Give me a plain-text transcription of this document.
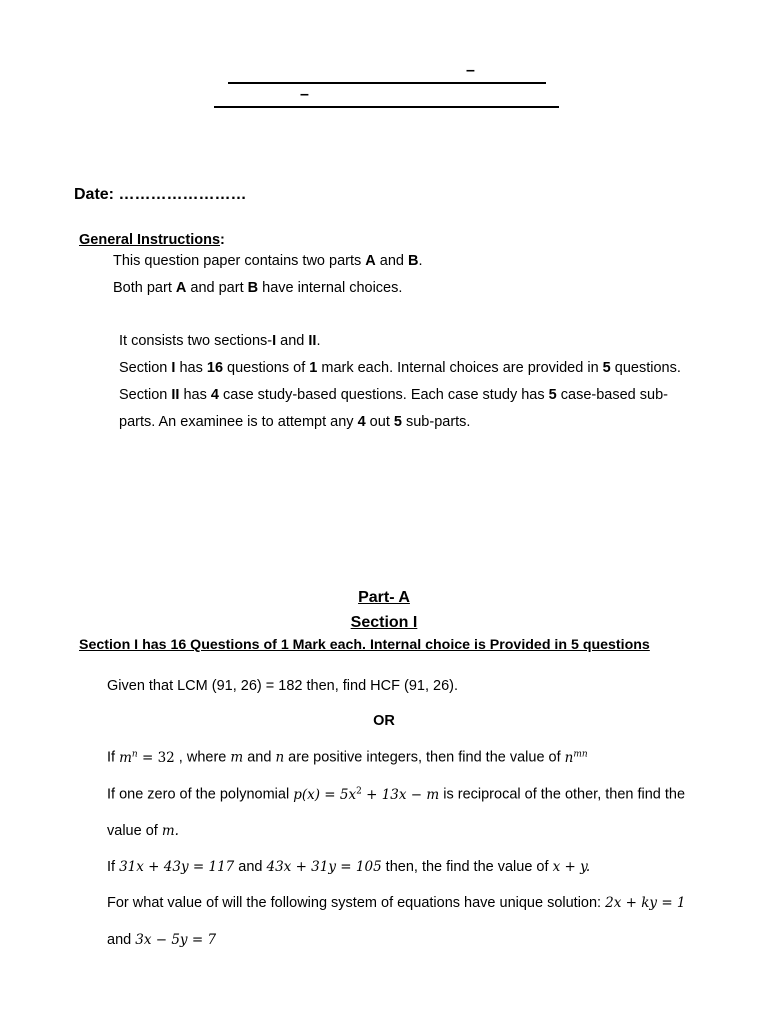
–
–
Date: ……………………
General Instructions:
This question paper contains two parts A and B.
Both part A and part B have internal choices.
It consists two sections-I and II.
Section I has 16 questions of 1 mark each. Internal choices are provided in 5 questions.
Section II has 4 case study-based questions. Each case study has 5 case-based sub-
parts. An examinee is to attempt any 4 out 5 sub-parts.
Part- A
Section I
Section I has 16 Questions of 1 Mark each. Internal choice is Provided in 5 questions
Given that LCM (91, 26) = 182 then, find HCF (91, 26).
OR
If $m^n = 32$ , where m and n are positive integers, then find the value of $n^{mn}$
If one zero of the polynomial $p(x) = 5x^2 + 13x - m$ is reciprocal of the other, then find the
value of m.
If 31x + 43y = 117 and 43x + 31y = 105 then, the find the value of x + y.
For what value of will the following system of equations have unique solution: 2x + ky = 1
and 3x − 5y = 7
